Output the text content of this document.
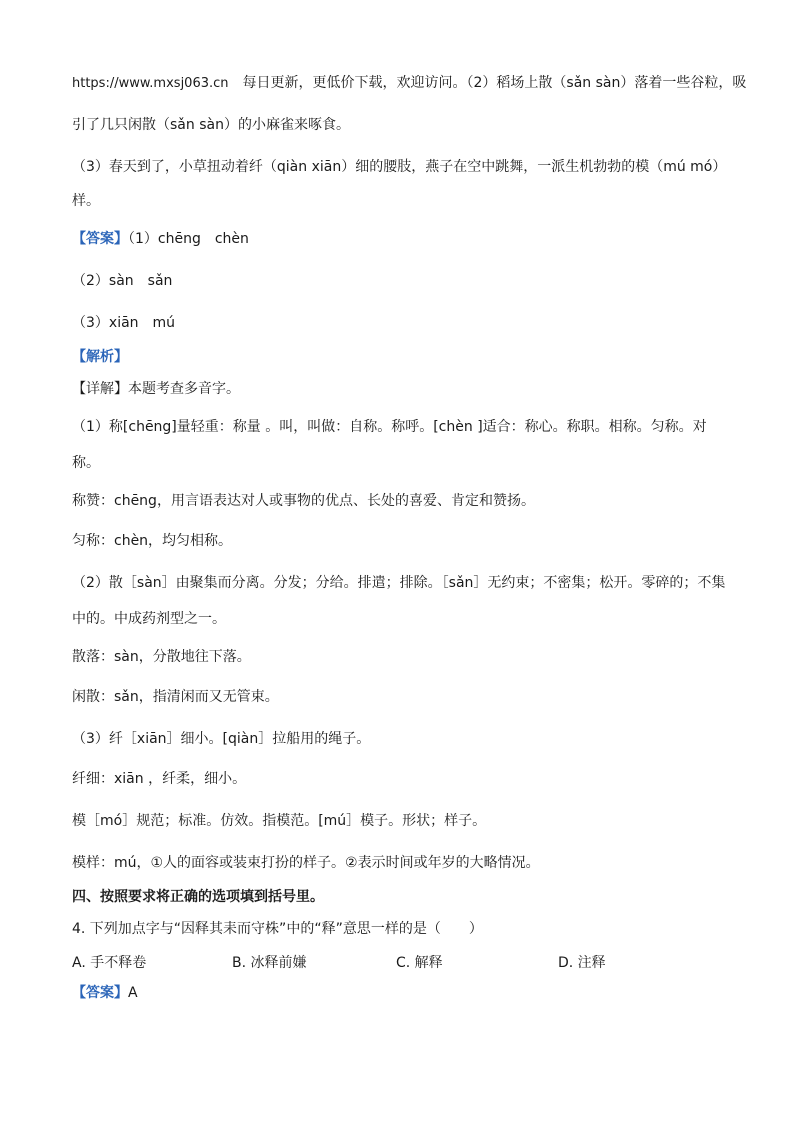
https://www.mxsj063.cn 每日更新，更低价下载，欢迎访问。（2）稻场上散（sǎn sàn）落着一些谷粒，吸
引了几只闲散（sǎn sàn）的小麻雀来啄食。
（3）春天到了，小草扭动着纤（qiàn xiān）细的腰肢，燕子在空中跳舞，一派生机勃勃的模（mú mó）
样。
【答案】（1）chēng　chèn
（2）sàn　sǎn
（3）xiān　mú
【解析】
【详解】本题考查多音字。
（1）称[chēng]量轻重：称量 。叫，叫做：自称。称呼。[chèn ]适合：称心。称职。相称。匀称。对
称。
称赞：chēng，用言语表达对人或事物的优点、长处的喜爱、肯定和赞扬。
匀称：chèn，均匀相称。
（2）散［sàn］由聚集而分离。分发；分给。排遣；排除。［sǎn］无约束；不密集；松开。零碎的；不集
中的。中成药剂型之一。
散落：sàn，分散地往下落。
闲散：sǎn，指清闲而又无管束。
（3）纤［xiān］细小。[qiàn］拉船用的绳子。
纤细：xiān ，纤柔，细小。
模［mó］规范；标准。仿效。指模范。[mú］模子。形状；样子。
模样：mú，①人的面容或装束打扮的样子。②表示时间或年岁的大略情况。
四、按照要求将正确的选项填到括号里。
4. 下列加点字与“因释其耒而守株”中的“释”意思一样的是（　　）
A. 手不释卷	B. 冰释前嫌	C. 解释	D. 注释
【答案】A
